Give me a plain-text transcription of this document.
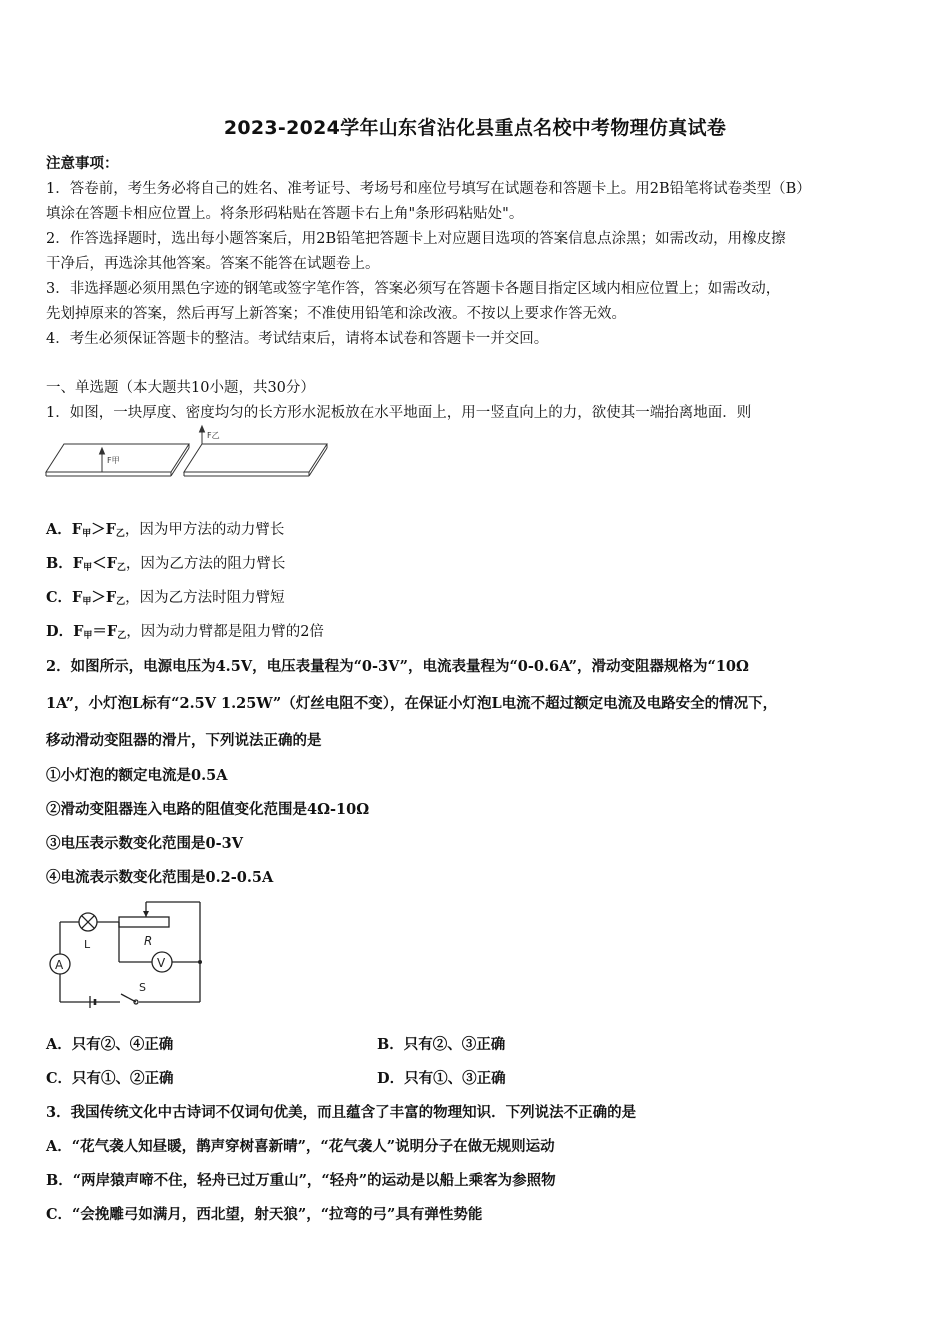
2023-2024学年山东省沾化县重点名校中考物理仿真试卷
注意事项：
1．答卷前，考生务必将自己的姓名、准考证号、考场号和座位号填写在试题卷和答题卡上。用2B铅笔将试卷类型（B）
填涂在答题卡相应位置上。将条形码粘贴在答题卡右上角"条形码粘贴处"。
2．作答选择题时，选出每小题答案后，用2B铅笔把答题卡上对应题目选项的答案信息点涂黑；如需改动，用橡皮擦
干净后，再选涂其他答案。答案不能答在试题卷上。
3．非选择题必须用黑色字迹的钢笔或签字笔作答，答案必须写在答题卡各题目指定区域内相应位置上；如需改动，
先划掉原来的答案，然后再写上新答案；不准使用铅笔和涂改液。不按以上要求作答无效。
4．考生必须保证答题卡的整洁。考试结束后，请将本试卷和答题卡一并交回。
一、单选题（本大题共10小题，共30分）
1．如图，一块厚度、密度均匀的长方形水泥板放在水平地面上，用一竖直向上的力，欲使其一端抬离地面．则
F甲
F乙
A．$F_甲>F_乙$，因为甲方法的动力臂长
B．$F_甲<F_乙$，因为乙方法的阻力臂长
C．$F_甲>F_乙$，因为乙方法时阻力臂短
D．$F_甲=F_乙$，因为动力臂都是阻力臂的2倍
2．如图所示，电源电压为4.5V，电压表量程为“0-3V”，电流表量程为“0-0.6A”，滑动变阻器规格为“10Ω
1A”，小灯泡L标有“2.5V 1.25W”（灯丝电阻不变），在保证小灯泡L电流不超过额定电流及电路安全的情况下，
移动滑动变阻器的滑片，下列说法正确的是
①小灯泡的额定电流是0.5A
②滑动变阻器连入电路的阻值变化范围是4Ω-10Ω
③电压表示数变化范围是0-3V
④电流表示数变化范围是0.2-0.5A
L	R
V
A
S
A．只有②、④正确	B．只有②、③正确
C．只有①、②正确	D．只有①、③正确
3．我国传统文化中古诗词不仅词句优美，而且蕴含了丰富的物理知识．下列说法不正确的是
A．“花气袭人知昼暖，鹊声穿树喜新晴”，“花气袭人”说明分子在做无规则运动
B．“两岸猿声啼不住，轻舟已过万重山”，“轻舟”的运动是以船上乘客为参照物
C．“会挽雕弓如满月，西北望，射天狼”，“拉弯的弓”具有弹性势能
